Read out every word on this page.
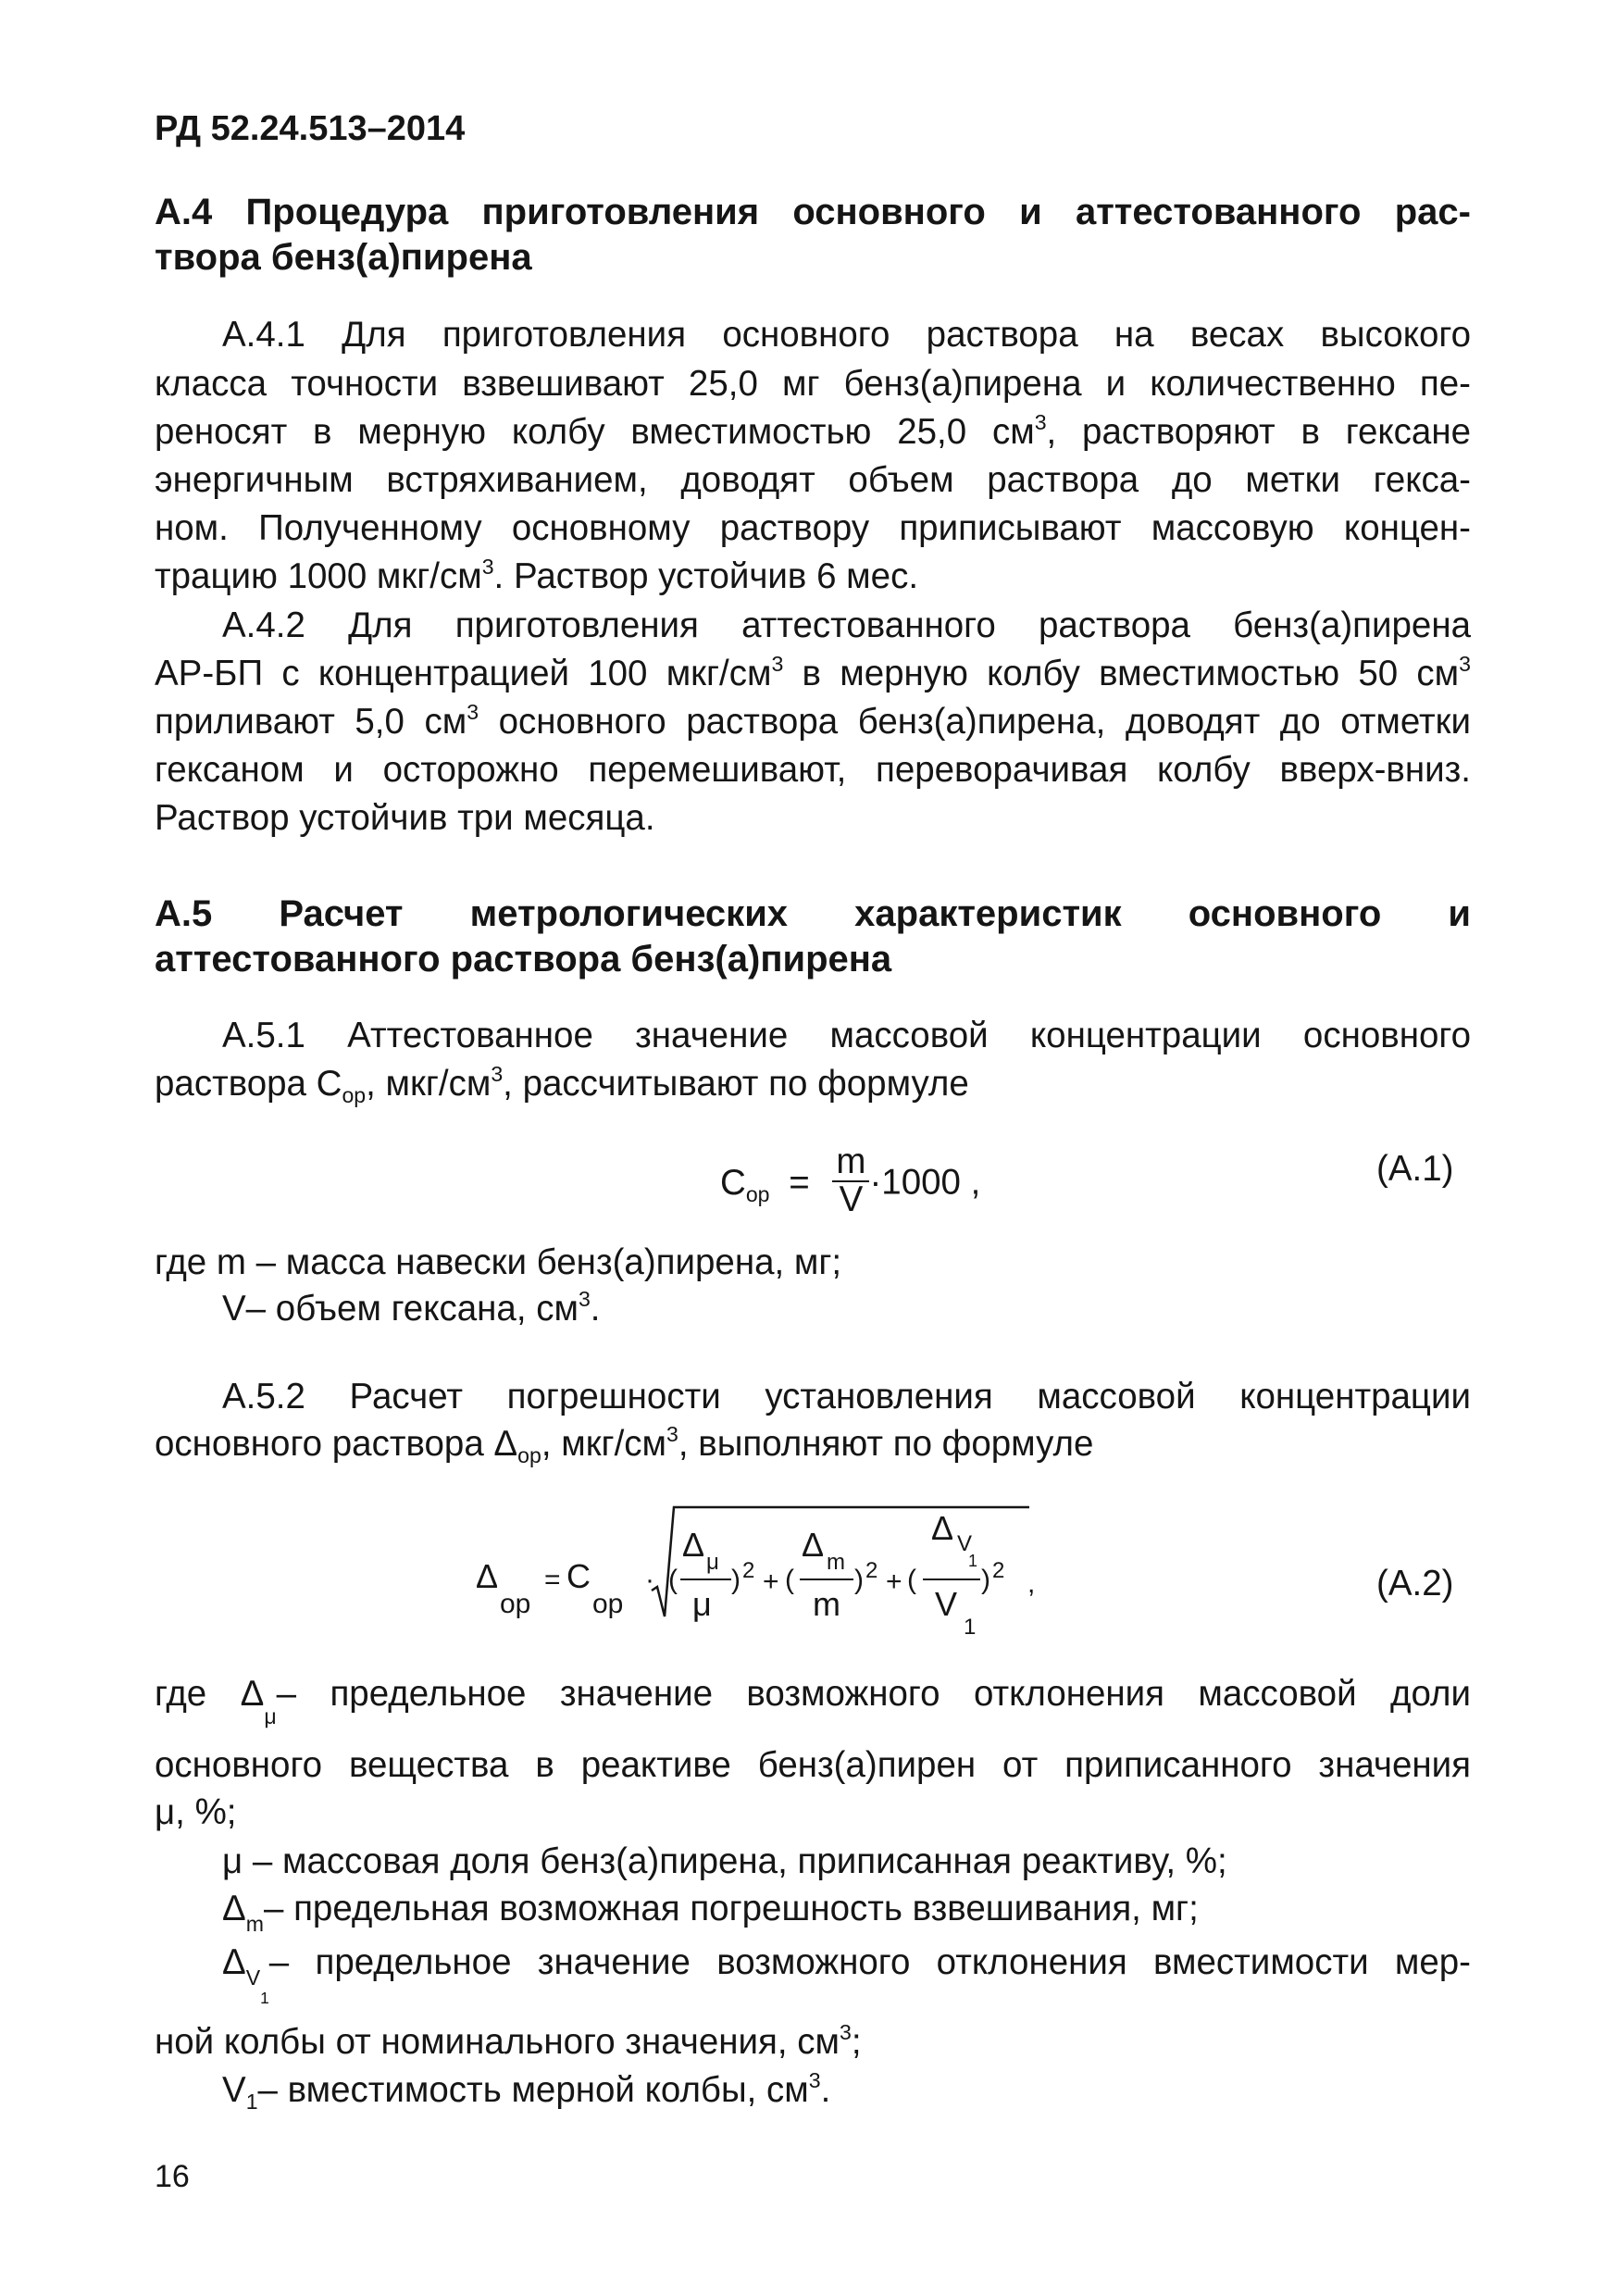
РД 52.24.513–2014
А.4 Процедура приготовления основного и аттестованного рас-
твора бенз(а)пирена
А.4.1 Для приготовления основного раствора на весах высокого
класса точности взвешивают 25,0 мг бенз(а)пирена и количественно пе-
реносят в мерную колбу вместимостью 25,0 $см^3$, растворяют в гексане
энергичным встряхиванием, доводят объем раствора до метки гекса-
ном. Полученному основному раствору приписывают массовую концен-
трацию 1000 мкг/$см^3$. Раствор устойчив 6 мес.
А.4.2 Для приготовления аттестованного раствора бенз(а)пирена
АР-БП с концентрацией 100 мкг/$см^3$ в мерную колбу вместимостью 50 $см^3$
приливают 5,0 $см^3$ основного раствора бенз(а)пирена, доводят до отметки
гексаном и осторожно перемешивают, переворачивая колбу вверх-вниз.
Раствор устойчив три месяца.
А.5 Расчет метрологических характеристик основного и
аттестованного раствора бенз(а)пирена
А.5.1 Аттестованное значение массовой концентрации основного
раствора $С_{ор}$, мкг/$см^3$, рассчитывают по формуле
$С_{ор} = \frac{m}{V} \cdot 1000$ ,	(А.1)
где m – масса навески бенз(а)пирена, мг;
V– объем гексана, $см^3$.
А.5.2 Расчет погрешности установления массовой концентрации
основного раствора $\Delta_{ор}$, мкг/$см^3$, выполняют по формуле
Δ
ор
= С
ор
· (
Δ μ
μ
) 2 + (
Δ m
m
) 2 + (
Δ V
1
V
1
) 2 ,	(А.2)
где $\Delta_\mu-$ предельное значение возможного отклонения массовой доли
основного вещества в реактиве бенз(а)пирен от приписанного значения
μ, %;
μ – массовая доля бенз(а)пирена, приписанная реактиву, %;
$\Delta_m-$ предельная возможная погрешность взвешивания, мг;
$\Delta_{V1}-$ предельное значение возможного отклонения вместимости мер-
ной колбы от номинального значения, $см^3$;
$V_1-$ вместимость мерной колбы, $см^3$.
16
